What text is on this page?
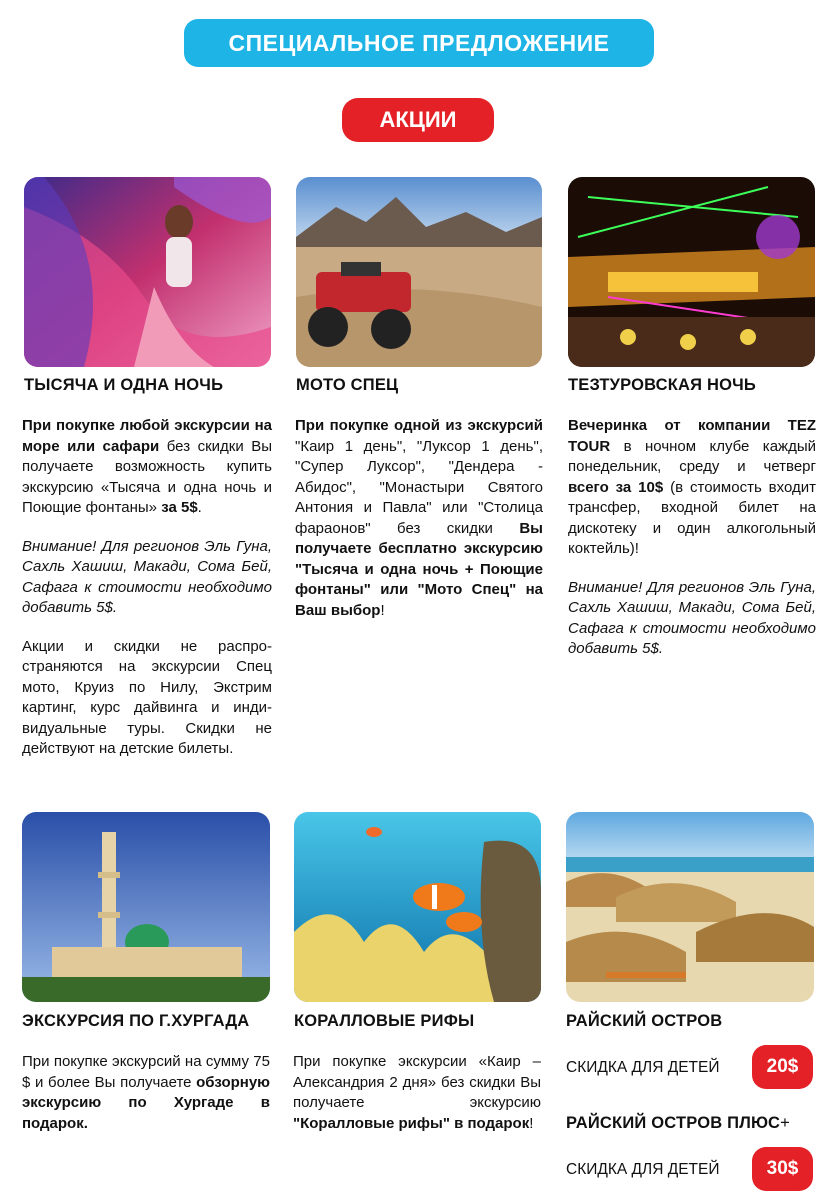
СПЕЦИАЛЬНОЕ ПРЕДЛОЖЕНИЕ
АКЦИИ
ТЫСЯЧА И ОДНА НОЧЬ	МОТО СПЕЦ	ТЕЗТУРОВСКАЯ НОЧЬ

При покупке любой экскурсии на море или сафари без скидки Вы получаете возможность купить экскурсию «Тысяча и одна ночь и Поющие фонтаны» за 5$.

Внимание! Для регионов Эль Гуна, Сахль Хашиш, Макади, Сома Бей, Сафага к стоимости необходимо добавить 5$.

Акции и скидки не распространяются на экскурсии Спец мото, Круиз по Нилу, Экстрим картинг, курс дайвинга и индивидуальные туры. Скидки не действуют на детские билеты.

При покупке одной из экскурсий "Каир 1 день", "Луксор 1 день", "Супер Луксор", "Дендера - Абидос", "Монастыри Святого Антония и Павла" или "Столица фараонов" без скидки Вы получаете бесплатно экскурсию "Тысяча и одна ночь + Поющие фонтаны" или "Мото Спец" на Ваш выбор!

Вечеринка от компании TEZ TOUR в ночном клубе каждый понедельник, среду и четверг всего за 10$ (в стоимость входит трансфер, входной билет на дискотеку и один алкогольный коктейль)!

Внимание! Для регионов Эль Гуна, Сахль Хашиш, Макади, Сома Бей, Сафага к стоимости необходимо добавить 5$.

ЭКСКУРСИЯ ПО Г.ХУРГАДА	КОРАЛЛОВЫЕ РИФЫ	РАЙСКИЙ ОСТРОВ

При покупке экскурсий на сумму 75 $ и более Вы получаете обзорную экскурсию по Хургаде в подарок.

При покупке экскурсии «Каир – Александрия 2 дня» без скидки Вы получаете экскурсию "Коралловые рифы" в подарок!

СКИДКА ДЛЯ ДЕТЕЙ	20$
РАЙСКИЙ ОСТРОВ ПЛЮС+
СКИДКА ДЛЯ ДЕТЕЙ	30$
